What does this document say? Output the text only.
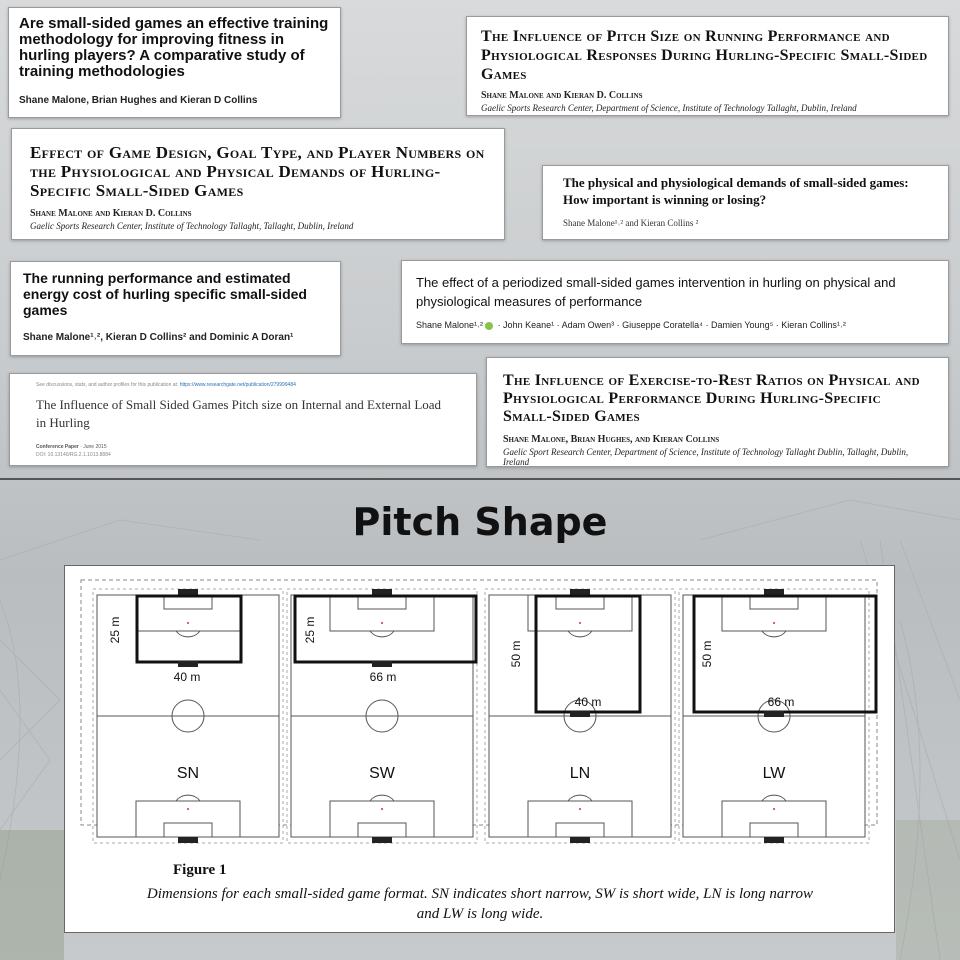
Are small-sided games an effective training methodology for improving fitness in hurling players? A comparative study of training methodologies
Shane Malone, Brian Hughes and Kieran D Collins
The Influence of Pitch Size on Running Performance and Physiological Responses During Hurling-Specific Small-Sided Games
Shane Malone and Kieran D. Collins
Gaelic Sports Research Center, Department of Science, Institute of Technology Tallaght, Dublin, Ireland
Effect of Game Design, Goal Type, and Player Numbers on the Physiological and Physical Demands of Hurling-Specific Small-Sided Games
Shane Malone and Kieran D. Collins
Gaelic Sports Research Center, Institute of Technology Tallaght, Tallaght, Dublin, Ireland
The physical and physiological demands of small-sided games: How important is winning or losing?
Shane Malone¹˒² and Kieran Collins ²
The running performance and estimated energy cost of hurling specific small-sided games
Shane Malone¹˒², Kieran D Collins² and Dominic A Doran¹
The effect of a periodized small-sided games intervention in hurling on physical and physiological measures of performance
Shane Malone¹˒² · John Keane¹ · Adam Owen³ · Giuseppe Coratella⁴ · Damien Young⁵ · Kieran Collins¹˒²
See discussions, stats, and author profiles for this publication at: https://www.researchgate.net/publication/279999484
The Influence of Small Sided Games Pitch size on Internal and External Load in Hurling
Conference Paper · June 2015
DOI: 10.13140/RG.2.1.1013.8884
The Influence of Exercise-to-Rest Ratios on Physical and Physiological Performance During Hurling-Specific Small-Sided Games
Shane Malone, Brian Hughes, and Kieran Collins
Gaelic Sport Research Center, Department of Science, Institute of Technology Tallaght Dublin, Tallaght, Dublin, Ireland
Pitch Shape
25 m
40 m
SN
25 m
66 m
SW
50 m
40 m
LN
50 m
66 m
LW
Figure 1
Dimensions for each small-sided game format. SN indicates short narrow, SW is short wide, LN is long narrow and LW is long wide.
